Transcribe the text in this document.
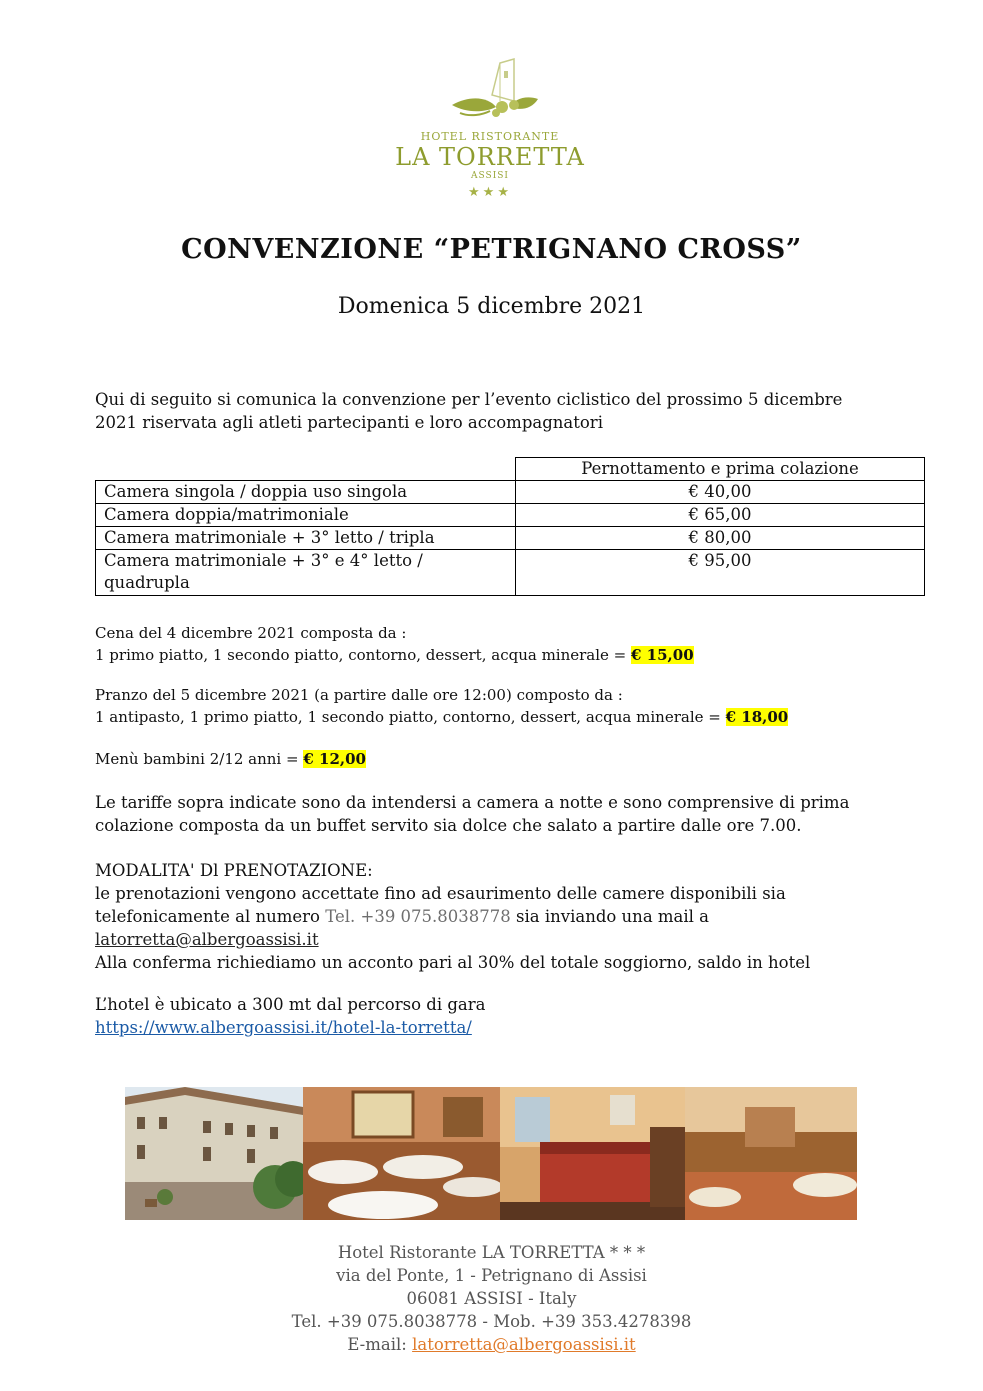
HOTEL RISTORANTE
LA TORRETTA
ASSISI
★★★
CONVENZIONE “PETRIGNANO CROSS”
Domenica 5 dicembre 2021
Qui di seguito si comunica la convenzione per l’evento ciclistico del prossimo 5 dicembre
2021 riservata agli atleti partecipanti e loro accompagnatori
	Pernottamento e prima colazione
Camera singola / doppia uso singola	€ 40,00
Camera doppia/matrimoniale	€ 65,00
Camera matrimoniale + 3° letto / tripla	€ 80,00

Camera matrimoniale + 3° e 4° letto /
quadrupla	€ 95,00
Cena del 4 dicembre 2021 composta da :
1 primo piatto, 1 secondo piatto, contorno, dessert, acqua minerale = € 15,00
Pranzo del 5 dicembre 2021 (a partire dalle ore 12:00) composto da :
1 antipasto, 1 primo piatto, 1 secondo piatto, contorno, dessert, acqua minerale = € 18,00
Menù bambini 2/12 anni = € 12,00
Le tariffe sopra indicate sono da intendersi a camera a notte e sono comprensive di prima
colazione composta da un buffet servito sia dolce che salato a partire dalle ore 7.00.
MODALITA' Dl PRENOTAZIONE:
le prenotazioni vengono accettate fino ad esaurimento delle camere disponibili sia
telefonicamente al numero Tel. +39 075.8038778 sia inviando una mail a
latorretta@albergoassisi.it
Alla conferma richiediamo un acconto pari al 30% del totale soggiorno, saldo in hotel
L’hotel è ubicato a 300 mt dal percorso di gara
https://www.albergoassisi.it/hotel-la-torretta/
Hotel Ristorante LA TORRETTA * * *
via del Ponte, 1 - Petrignano di Assisi
06081 ASSISI - Italy
Tel. +39 075.8038778 - Mob. +39 353.4278398
E-mail: latorretta@albergoassisi.it
